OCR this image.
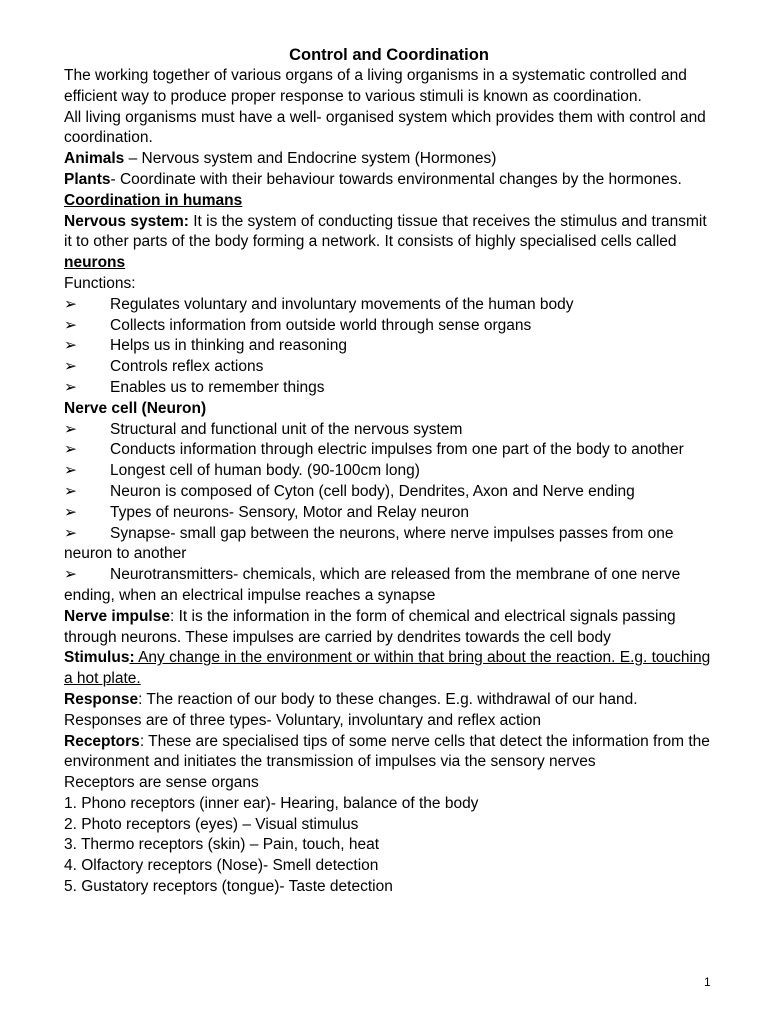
Control and Coordination

The working together of various organs of a living organisms in a systematic controlled and efficient way to produce proper response to various stimuli is known as coordination.

All living organisms must have a well- organised system which provides them with control and coordination.

Animals – Nervous system and Endocrine system (Hormones)

Plants- Coordinate with their behaviour towards environmental changes by the hormones.

Coordination in humans

Nervous system: It is the system of conducting tissue that receives the stimulus and transmit it to other parts of the body forming a network. It consists of highly specialised cells called neurons

Functions:

➢	Regulates voluntary and involuntary movements of the human body
➢	Collects information from outside world through sense organs
➢	Helps us in thinking and reasoning
➢	Controls reflex actions
➢	Enables us to remember things

Nerve cell (Neuron)

➢	Structural and functional unit of the nervous system
➢ Conducts information through electric impulses from one part of the body to another
➢	Longest cell of human body. (90-100cm long)
➢	Neuron is composed of Cyton (cell body), Dendrites, Axon and Nerve ending
➢	Types of neurons- Sensory, Motor and Relay neuron
➢ Synapse- small gap between the neurons, where nerve impulses passes from one neuron to another
➢ Neurotransmitters- chemicals, which are released from the membrane of one nerve ending, when an electrical impulse reaches a synapse

Nerve impulse: It is the information in the form of chemical and electrical signals passing through neurons. These impulses are carried by dendrites towards the cell body

Stimulus: Any change in the environment or within that bring about the reaction. E.g. touching a hot plate.

Response: The reaction of our body to these changes. E.g. withdrawal of our hand.

Responses are of three types- Voluntary, involuntary and reflex action

Receptors: These are specialised tips of some nerve cells that detect the information from the environment and initiates the transmission of impulses via the sensory nerves

Receptors are sense organs

1. Phono receptors (inner ear)- Hearing, balance of the body

2. Photo receptors (eyes) – Visual stimulus

3. Thermo receptors (skin) – Pain, touch, heat

4. Olfactory receptors (Nose)- Smell detection

5. Gustatory receptors (tongue)- Taste detection

1
